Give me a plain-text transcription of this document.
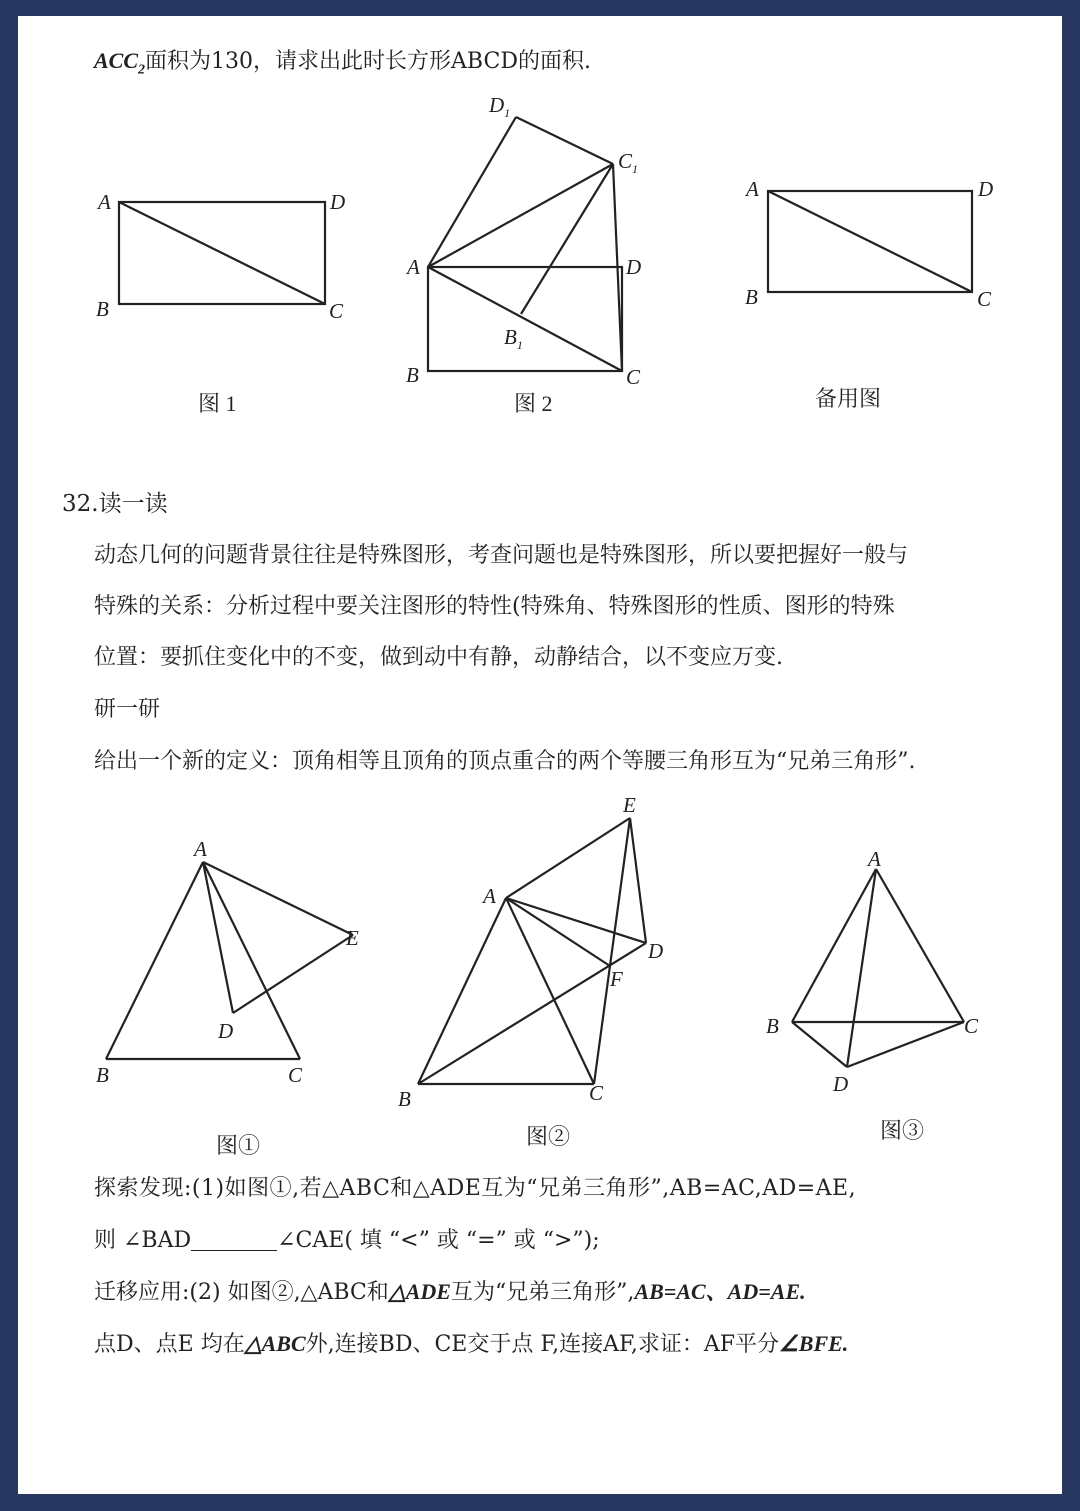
$ACC_2$面积为130，请求出此时长方形ABCD的面积.
A	D
B	C
图 1
$D_1$
$C_1$
A	D
$B_1$
B	C
图 2
A	D
B	C
备用图
32.读一读
动态几何的问题背景往往是特殊图形，考查问题也是特殊图形，所以要把握好一般与
特殊的关系：分析过程中要关注图形的特性(特殊角、特殊图形的性质、图形的特殊
位置：要抓住变化中的不变，做到动中有静，动静结合，以不变应万变.
研一研
给出一个新的定义：顶角相等且顶角的顶点重合的两个等腰三角形互为“兄弟三角形”.
A
E
D
B	C
图①
E
A
D
F
B	C
图②
A
B	C
D
图③
探索发现:(1)如图①,若△ABC和△ADE互为“兄弟三角形”,AB=AC,AD=AE,
则 ∠BAD	∠CAE( 填 “<” 或 “=” 或 “>”);
迁移应用:(2) 如图②,△ABC和△ADE互为“兄弟三角形”,AB=AC、AD=AE.
点D、点E 均在△ABC外,连接BD、CE交于点 F,连接AF,求证：AF平分∠BFE.
